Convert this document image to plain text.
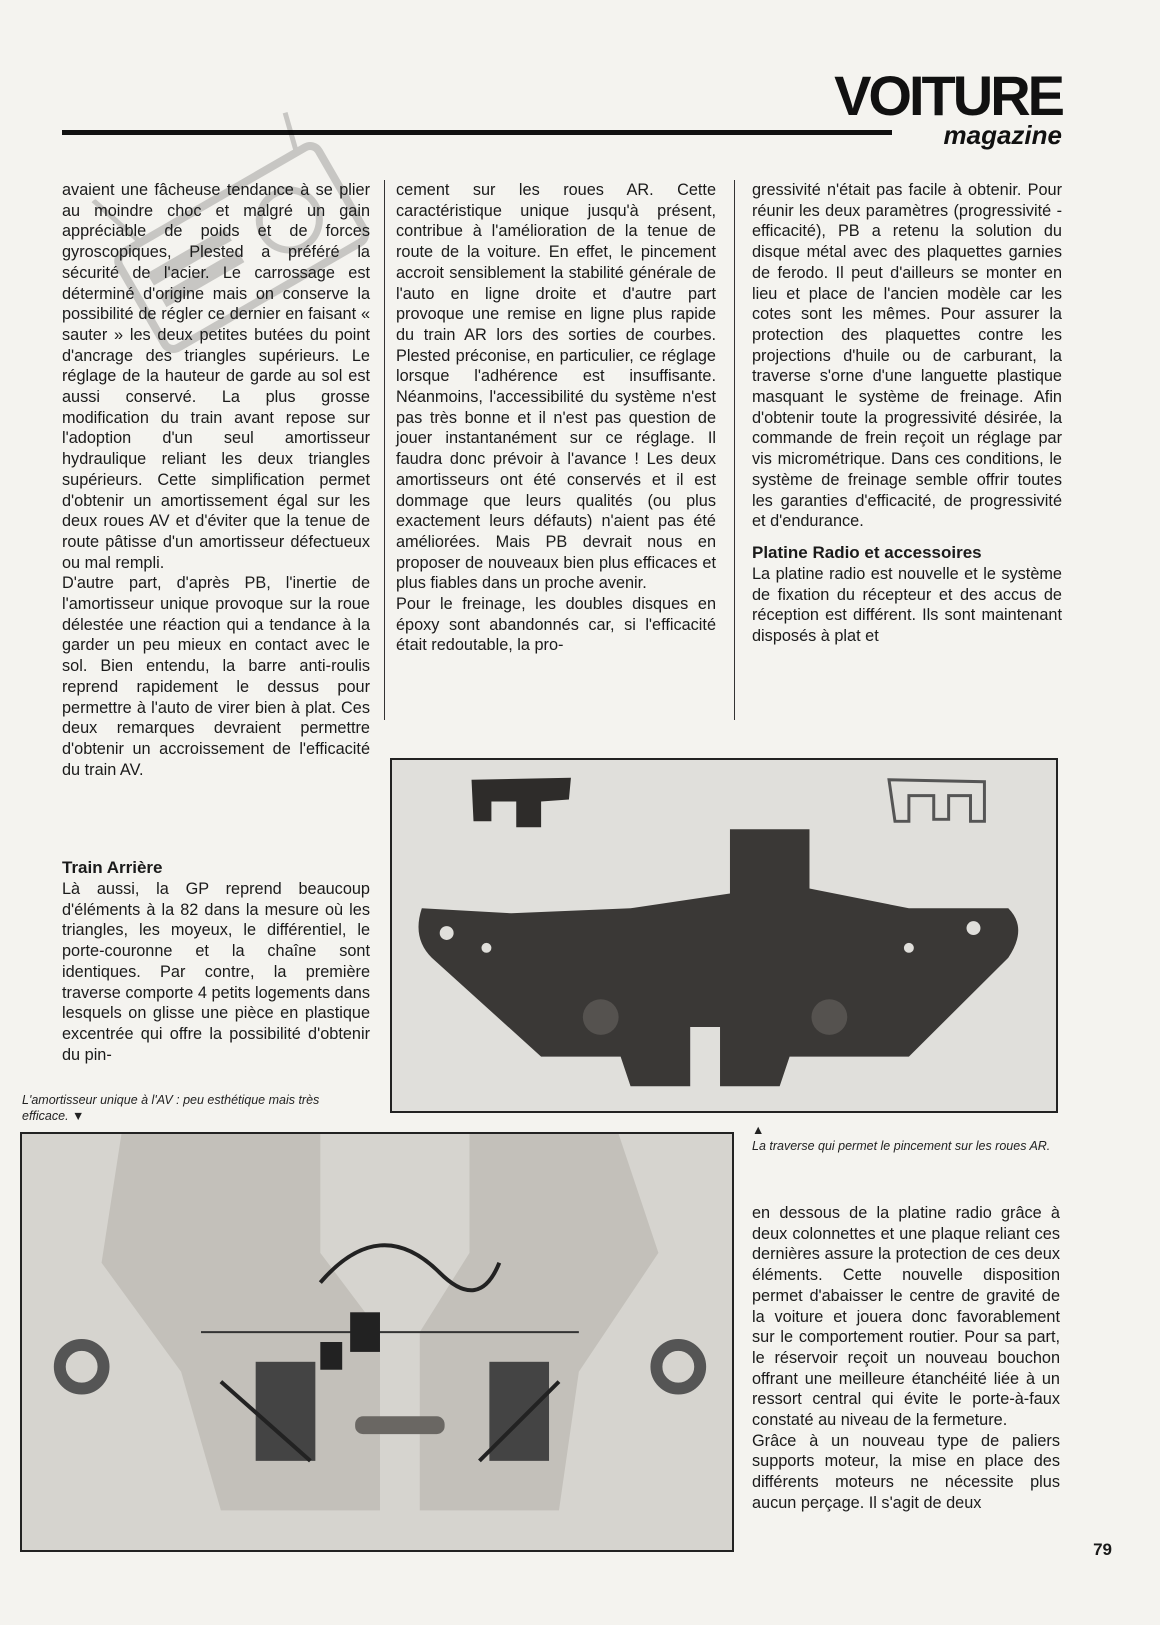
VOITURE
magazine

avaient une fâcheuse tendance à se plier au moindre choc et malgré un gain appréciable de poids et de forces gyroscopiques, Plested a préféré la sécurité de l'acier. Le carrossage est déterminé d'origine mais on conserve la possibilité de régler ce dernier en faisant « sauter » les deux petites butées du point d'ancrage des triangles supérieurs. Le réglage de la hauteur de garde au sol est aussi conservé. La plus grosse modification du train avant repose sur l'adoption d'un seul amortisseur hydraulique reliant les deux triangles supérieurs. Cette simplification permet d'obtenir un amortissement égal sur les deux roues AV et d'éviter que la tenue de route pâtisse d'un amortisseur défectueux ou mal rempli.

D'autre part, d'après PB, l'inertie de l'amortisseur unique provoque sur la roue délestée une réaction qui a tendance à la garder un peu mieux en contact avec le sol. Bien entendu, la barre anti-roulis reprend rapidement le dessus pour permettre à l'auto de virer bien à plat. Ces deux remarques devraient permettre d'obtenir un accroissement de l'efficacité du train AV.

Train Arrière

Là aussi, la GP reprend beaucoup d'éléments à la 82 dans la mesure où les triangles, les moyeux, le différentiel, le porte-couronne et la chaîne sont identiques. Par contre, la première traverse comporte 4 petits logements dans lesquels on glisse une pièce en plastique excentrée qui offre la possibilité d'obtenir du pin-

cement sur les roues AR. Cette caractéristique unique jusqu'à présent, contribue à l'amélioration de la tenue de route de la voiture. En effet, le pincement accroit sensiblement la stabilité générale de l'auto en ligne droite et d'autre part provoque une remise en ligne plus rapide du train AR lors des sorties de courbes. Plested préconise, en particulier, ce réglage lorsque l'adhérence est insuffisante. Néanmoins, l'accessibilité du système n'est pas très bonne et il n'est pas question de jouer instantanément sur ce réglage. Il faudra donc prévoir à l'avance ! Les deux amortisseurs ont été conservés et il est dommage que leurs qualités (ou plus exactement leurs défauts) n'aient pas été améliorées. Mais PB devrait nous en proposer de nouveaux bien plus efficaces et plus fiables dans un proche avenir.

Pour le freinage, les doubles disques en époxy sont abandonnés car, si l'efficacité était redoutable, la pro-

gressivité n'était pas facile à obtenir. Pour réunir les deux paramètres (progressivité - efficacité), PB a retenu la solution du disque métal avec des plaquettes garnies de ferodo. Il peut d'ailleurs se monter en lieu et place de l'ancien modèle car les cotes sont les mêmes. Pour assurer la protection des plaquettes contre les projections d'huile ou de carburant, la traverse s'orne d'une languette plastique masquant le système de freinage. Afin d'obtenir toute la progressivité désirée, la commande de frein reçoit un réglage par vis micrométrique. Dans ces conditions, le système de freinage semble offrir toutes les garanties d'efficacité, de progressivité et d'endurance.

Platine Radio et accessoires

La platine radio est nouvelle et le système de fixation du récepteur et des accus de réception est différent. Ils sont maintenant disposés à plat et

▲
La traverse qui permet le pincement sur les roues AR.
L'amortisseur unique à l'AV : peu esthétique mais très efficace. ▼

en dessous de la platine radio grâce à deux colonnettes et une plaque reliant ces dernières assure la protection de ces deux éléments. Cette nouvelle disposition permet d'abaisser le centre de gravité de la voiture et jouera donc favorablement sur le comportement routier. Pour sa part, le réservoir reçoit un nouveau bouchon offrant une meilleure étanchéité liée à un ressort central qui évite le porte-à-faux constaté au niveau de la fermeture.

Grâce à un nouveau type de paliers supports moteur, la mise en place des différents moteurs ne nécessite plus aucun perçage. Il s'agit de deux

79
